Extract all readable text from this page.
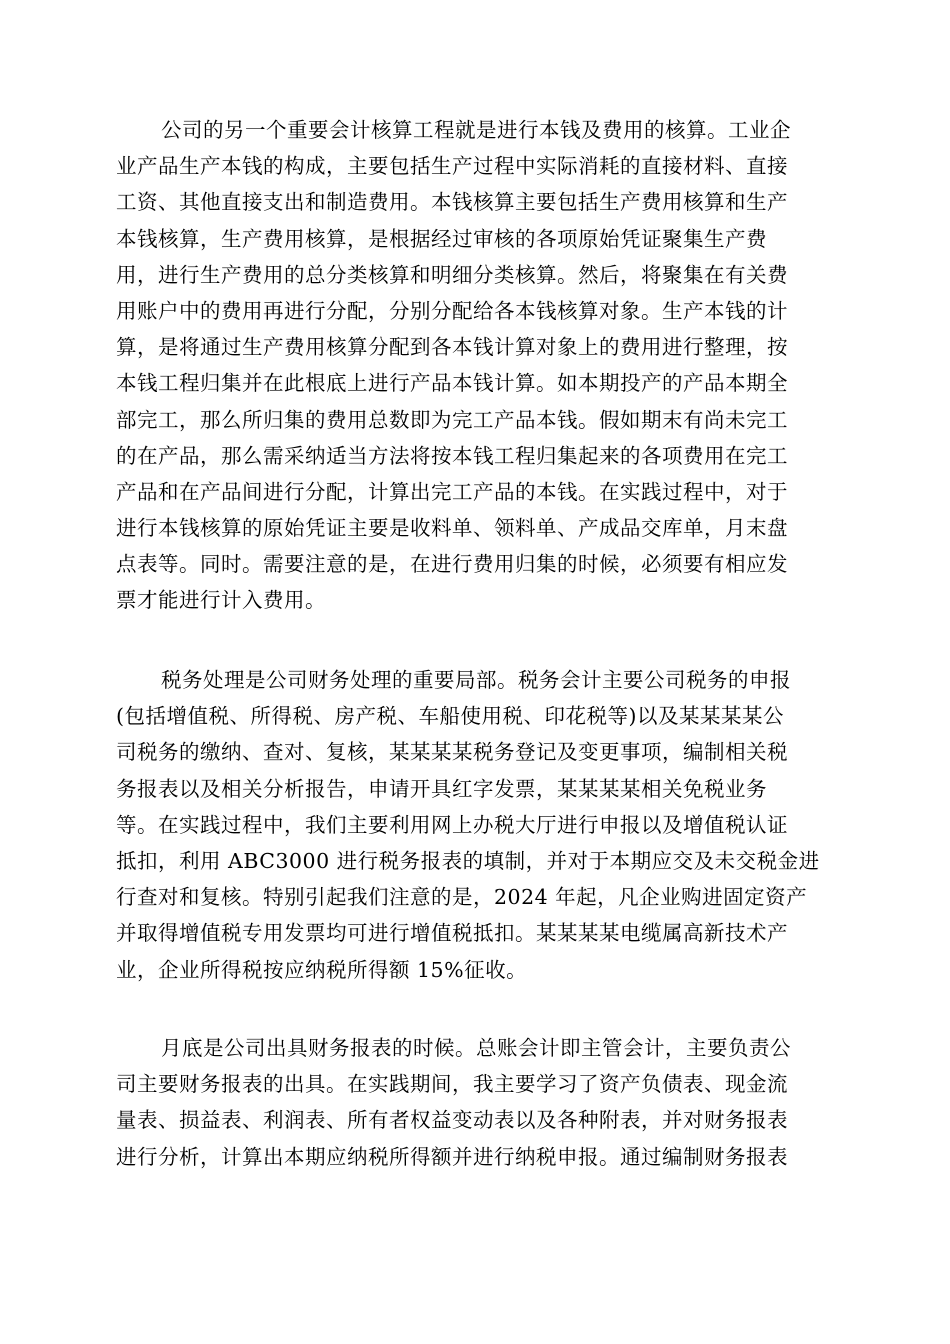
公司的另一个重要会计核算工程就是进行本钱及费用的核算。工业企
业产品生产本钱的构成，主要包括生产过程中实际消耗的直接材料、直接
工资、其他直接支出和制造费用。本钱核算主要包括生产费用核算和生产
本钱核算，生产费用核算，是根据经过审核的各项原始凭证聚集生产费
用，进行生产费用的总分类核算和明细分类核算。然后，将聚集在有关费
用账户中的费用再进行分配，分别分配给各本钱核算对象。生产本钱的计
算，是将通过生产费用核算分配到各本钱计算对象上的费用进行整理，按
本钱工程归集并在此根底上进行产品本钱计算。如本期投产的产品本期全
部完工，那么所归集的费用总数即为完工产品本钱。假如期末有尚未完工
的在产品，那么需采纳适当方法将按本钱工程归集起来的各项费用在完工
产品和在产品间进行分配，计算出完工产品的本钱。在实践过程中，对于
进行本钱核算的原始凭证主要是收料单、领料单、产成品交库单，月末盘
点表等。同时。需要注意的是，在进行费用归集的时候，必须要有相应发
票才能进行计入费用。
税务处理是公司财务处理的重要局部。税务会计主要公司税务的申报
(包括增值税、所得税、房产税、车船使用税、印花税等)以及某某某某公
司税务的缴纳、查对、复核，某某某某税务登记及变更事项，编制相关税
务报表以及相关分析报告，申请开具红字发票，某某某某相关免税业务
等。在实践过程中，我们主要利用网上办税大厅进行申报以及增值税认证
抵扣，利用 ABC3000 进行税务报表的填制，并对于本期应交及未交税金进
行查对和复核。特别引起我们注意的是，2024 年起，凡企业购进固定资产
并取得增值税专用发票均可进行增值税抵扣。某某某某电缆属高新技术产
业，企业所得税按应纳税所得额 15%征收。
月底是公司出具财务报表的时候。总账会计即主管会计，主要负责公
司主要财务报表的出具。在实践期间，我主要学习了资产负债表、现金流
量表、损益表、利润表、所有者权益变动表以及各种附表，并对财务报表
进行分析，计算出本期应纳税所得额并进行纳税申报。通过编制财务报表
